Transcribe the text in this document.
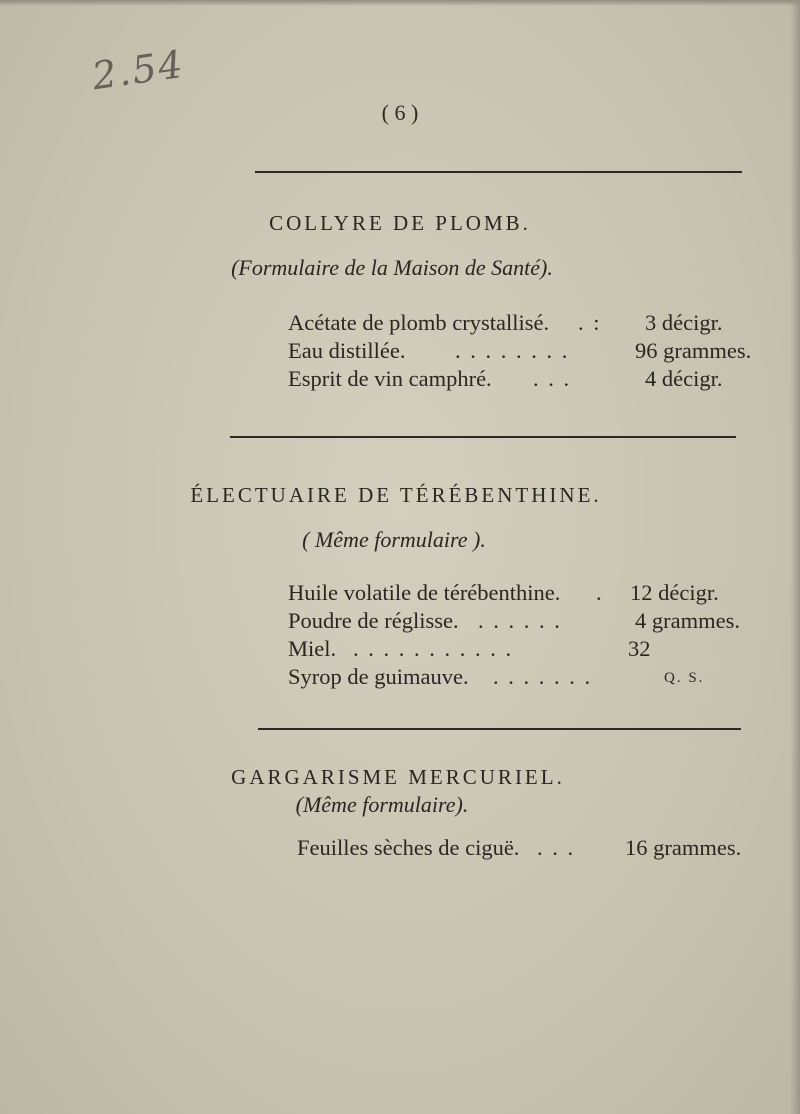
2.54
( 6 )
COLLYRE DE PLOMB.
(Formulaire de la Maison de Santé).
Acétate de plomb crystallisé. . : 3 décigr.
Eau distillée. . . . . . . . .	96 grammes.
Esprit de vin camphré. . . .	4 décigr.
ÉLECTUAIRE DE TÉRÉBENTHINE.
( Même formulaire ).
Huile volatile de térébenthine. . 12 décigr.
Poudre de réglisse. . . . . . .	4 grammes.
Miel. . . . . . . . . . . .	32
Syrop de guimauve. . . . . . . .	Q. S.
GARGARISME MERCURIEL.
(Même formulaire).
Feuilles sèches de ciguë. . . . 16 grammes.
